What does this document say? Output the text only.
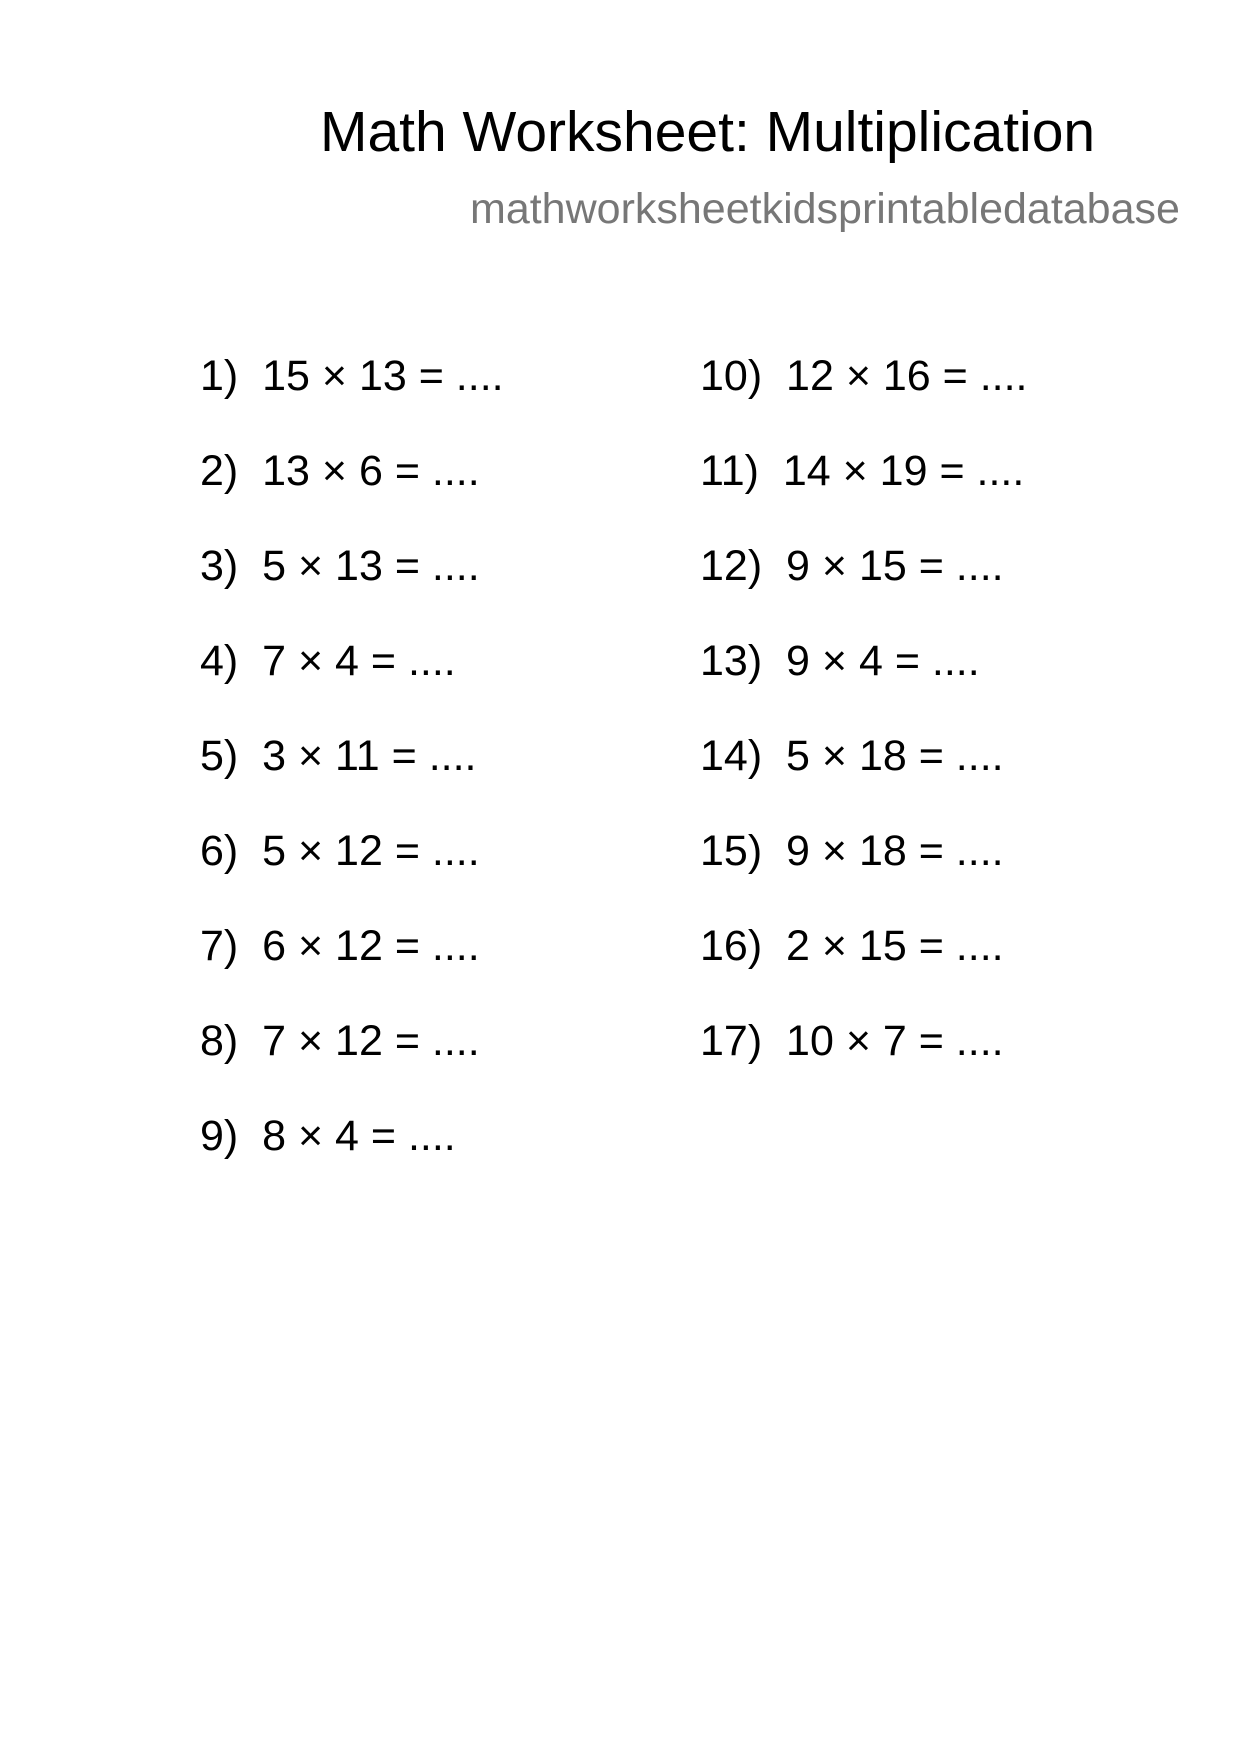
Math Worksheet: Multiplication
mathworksheetkidsprintabledatabase
1)  15 × 13 = ....
2)  13 × 6 = ....
3)  5 × 13 = ....
4)  7 × 4 = ....
5)  3 × 11 = ....
6)  5 × 12 = ....
7)  6 × 12 = ....
8)  7 × 12 = ....
9)  8 × 4 = ....
10)  12 × 16 = ....
11)  14 × 19 = ....
12)  9 × 15 = ....
13)  9 × 4 = ....
14)  5 × 18 = ....
15)  9 × 18 = ....
16)  2 × 15 = ....
17)  10 × 7 = ....
